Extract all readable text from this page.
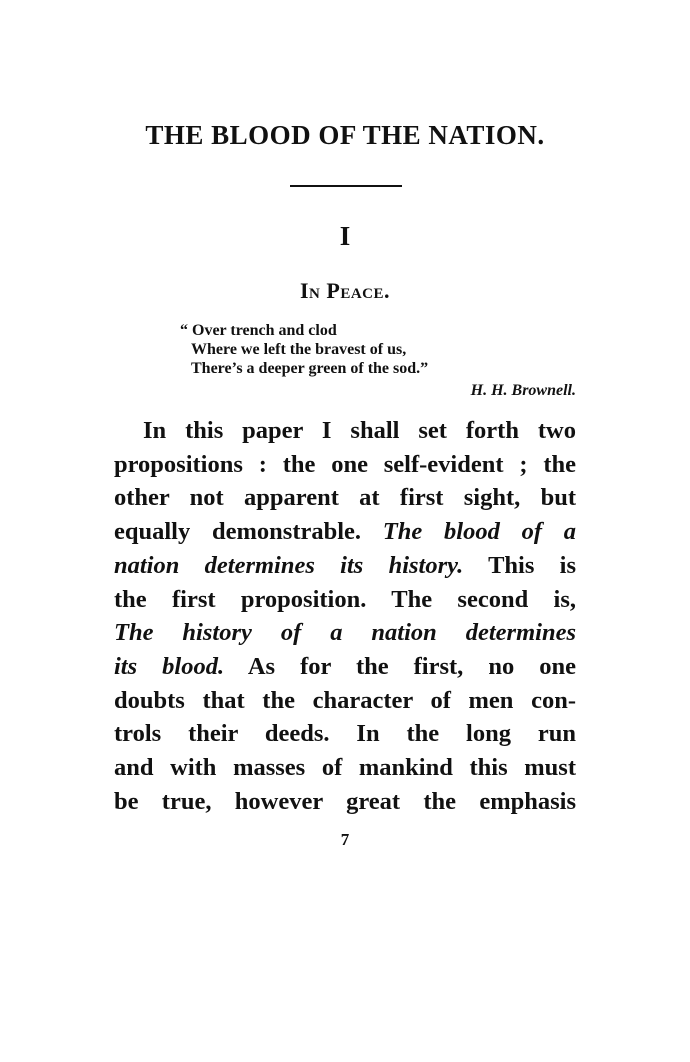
THE BLOOD OF THE NATION.
I
In Peace.
“ Over trench and clod
Where we left the bravest of us,
There’s a deeper green of the sod.”
H. H. Brownell.
In this paper I shall set forth two
propositions : the one self-evident ; the
other not apparent at first sight, but
equally demonstrable. The blood of a
nation determines its history. This is
the first proposition. The second is,
The history of a nation determines
its blood. As for the first, no one
doubts that the character of men con-
trols their deeds. In the long run
and with masses of mankind this must
be true, however great the emphasis
7
